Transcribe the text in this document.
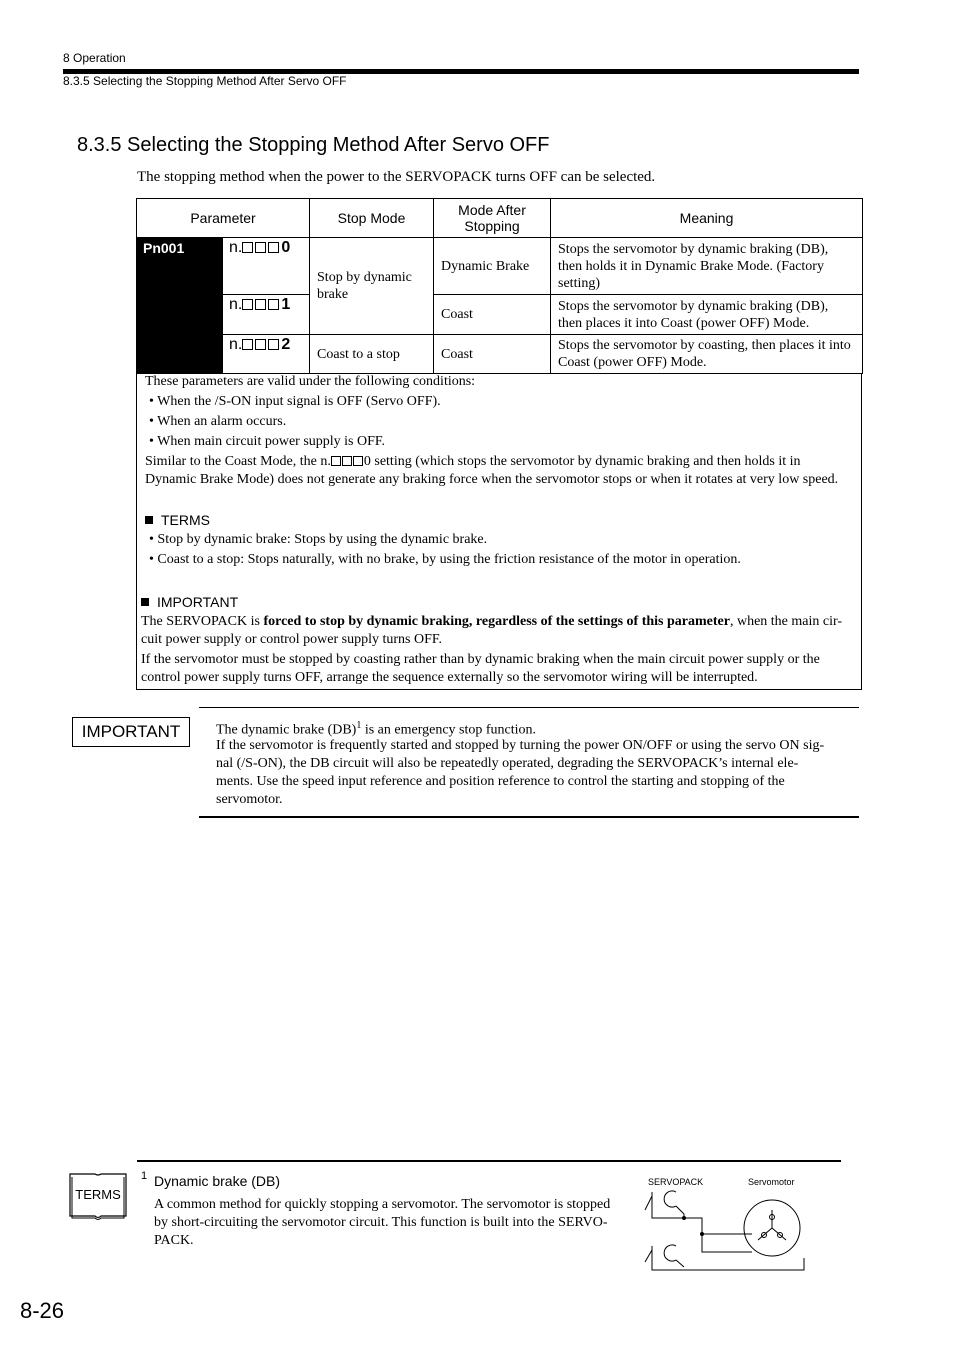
8 Operation
8.3.5 Selecting the Stopping Method After Servo OFF
8.3.5 Selecting the Stopping Method After Servo OFF
The stopping method when the power to the SERVOPACK turns OFF can be selected.
Parameter		Stop Mode	Mode After Stopping	Meaning
Pn001	n. 0	Stop by dynamic brake	Dynamic Brake	Stops the servomotor by dynamic braking (DB), then holds it in Dynamic Brake Mode. (Factory setting)
	n. 1		Coast	Stops the servomotor by dynamic braking (DB), then places it into Coast (power OFF) Mode.
	n. 2	Coast to a stop	Coast	Stops the servomotor by coasting, then places it into Coast (power OFF) Mode.
These parameters are valid under the following conditions:
• When the /S-ON input signal is OFF (Servo OFF).
• When an alarm occurs.
• When main circuit power supply is OFF.
Similar to the Coast Mode, the n. 0 setting (which stops the servomotor by dynamic braking and then holds it in
Dynamic Brake Mode) does not generate any braking force when the servomotor stops or when it rotates at very low speed.
TERMS
• Stop by dynamic brake: Stops by using the dynamic brake.
• Coast to a stop: Stops naturally, with no brake, by using the friction resistance of the motor in operation.
IMPORTANT
The SERVOPACK is forced to stop by dynamic braking, regardless of the settings of this parameter, when the main cir-
cuit power supply or control power supply turns OFF.
If the servomotor must be stopped by coasting rather than by dynamic braking when the main circuit power supply or the
control power supply turns OFF, arrange the sequence externally so the servomotor wiring will be interrupted.
IMPORTANT	The dynamic brake (DB)$^1$ is an emergency stop function.
If the servomotor is frequently started and stopped by turning the power ON/OFF or using the servo ON sig-
nal (/S-ON), the DB circuit will also be repeatedly operated, degrading the SERVOPACK’s internal ele-
ments. Use the speed input reference and position reference to control the starting and stopping of the
servomotor.
TERMS
1 Dynamic brake (DB)
A common method for quickly stopping a servomotor. The servomotor is stopped
by short-circuiting the servomotor circuit. This function is built into the SERVO-
PACK.
SERVOPACK	Servomotor
8-26
